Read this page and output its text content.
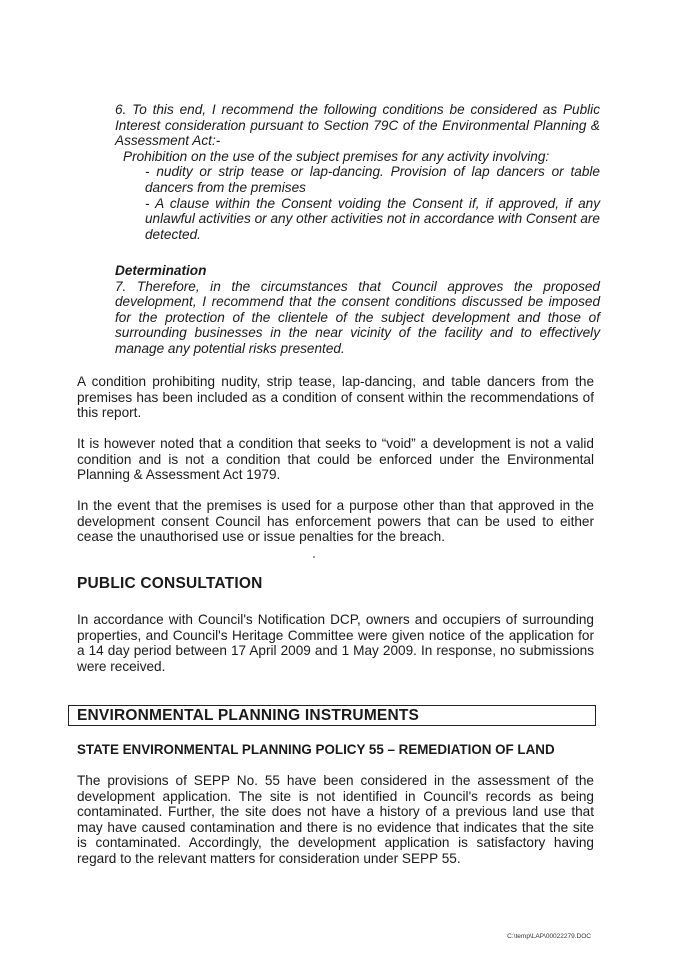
6. To this end, I recommend the following conditions be considered as Public Interest consideration pursuant to Section 79C of the Environmental Planning & Assessment Act:-

Prohibition on the use of the subject premises for any activity involving:

- nudity or strip tease or lap-dancing. Provision of lap dancers or table dancers from the premises

- A clause within the Consent voiding the Consent if, if approved, if any unlawful activities or any other activities not in accordance with Consent are detected.

Determination

7. Therefore, in the circumstances that Council approves the proposed development, I recommend that the consent conditions discussed be imposed for the protection of the clientele of the subject development and those of surrounding businesses in the near vicinity of the facility and to effectively manage any potential risks presented.

A condition prohibiting nudity, strip tease, lap-dancing, and table dancers from the premises has been included as a condition of consent within the recommendations of this report.

It is however noted that a condition that seeks to “void” a development is not a valid condition and is not a condition that could be enforced under the Environmental Planning & Assessment Act 1979.

In the event that the premises is used for a purpose other than that approved in the development consent Council has enforcement powers that can be used to either cease the unauthorised use or issue penalties for the breach.

PUBLIC CONSULTATION

In accordance with Council's Notification DCP, owners and occupiers of surrounding properties, and Council's Heritage Committee were given notice of the application for a 14 day period between 17 April 2009 and 1 May 2009. In response, no submissions were received.

ENVIRONMENTAL PLANNING INSTRUMENTS
STATE ENVIRONMENTAL PLANNING POLICY 55 – REMEDIATION OF LAND

The provisions of SEPP No. 55 have been considered in the assessment of the development application. The site is not identified in Council's records as being contaminated. Further, the site does not have a history of a previous land use that may have caused contamination and there is no evidence that indicates that the site is contaminated. Accordingly, the development application is satisfactory having regard to the relevant matters for consideration under SEPP 55.

C:\temp\LAP\00022279.DOC
